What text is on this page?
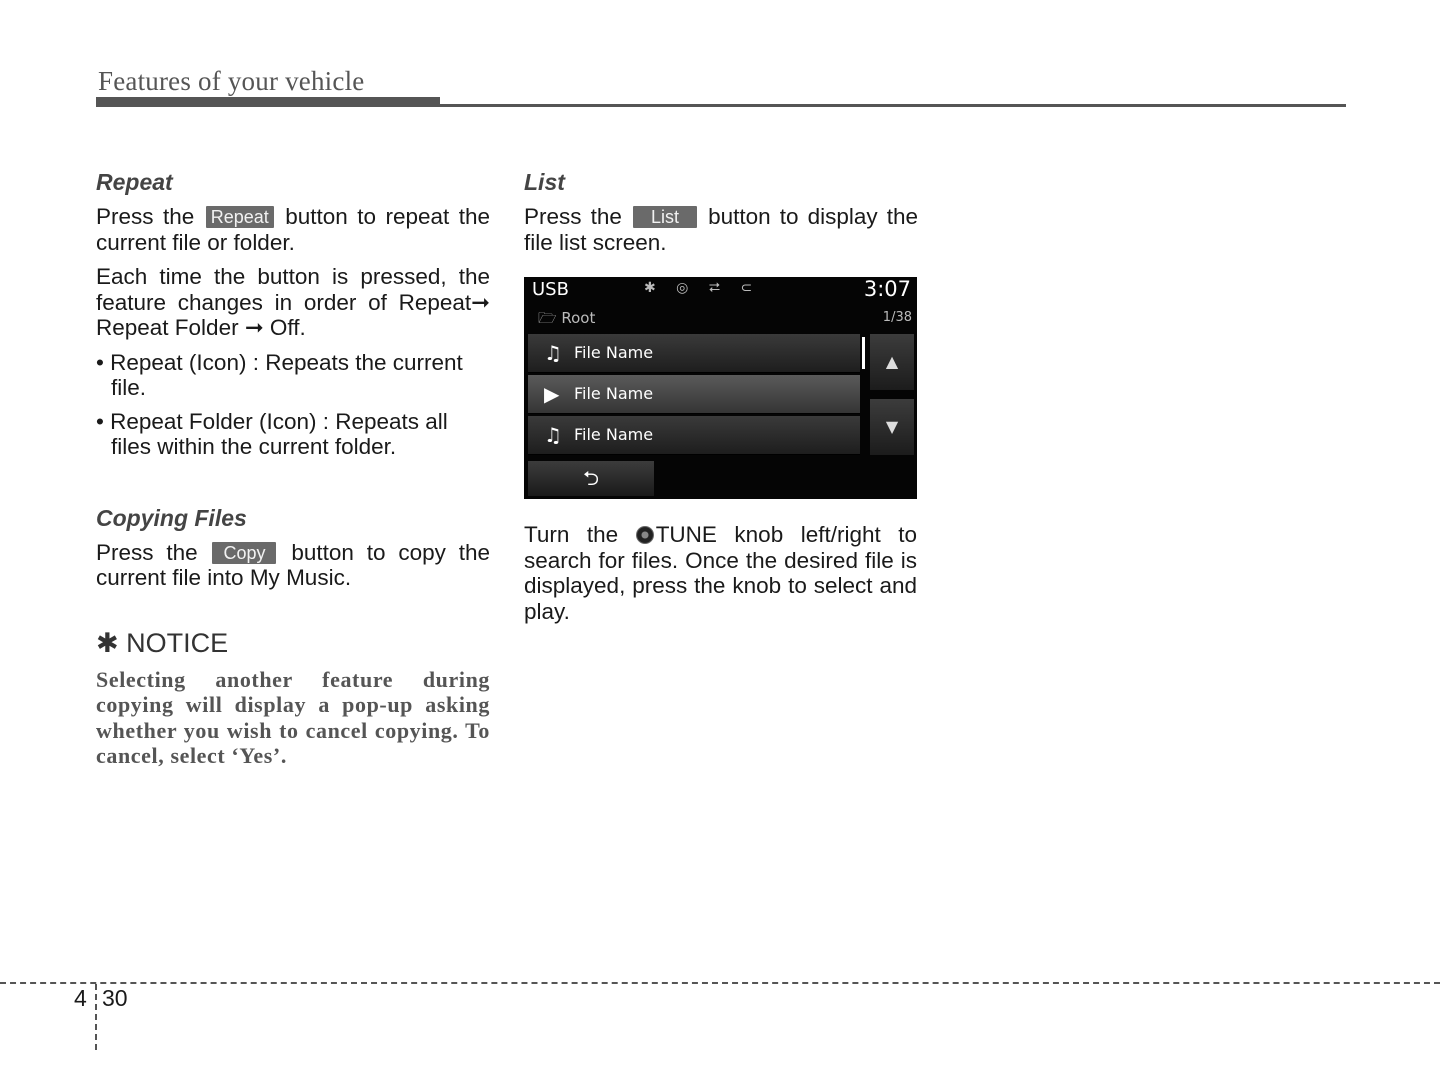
Features of your vehicle
Repeat

Press the Repeat button to repeat the current file or folder.

Each time the button is pressed, the feature changes in order of Repeat➞ Repeat Folder ➞ Off.

• Repeat (Icon) : Repeats the current file.

• Repeat Folder (Icon) : Repeats all files within the current folder.

Copying Files

Press the Copy button to copy the current file into My Music.

✱ NOTICE

Selecting another feature during copying will display a pop-up asking whether you wish to cancel copying. To cancel, select ‘Yes’.

List

Press the List button to display the file list screen.

USB	✱ ◎ ⮂ ⊂	3:07
🗁 Root	1/38
♫ File Name
▶ File Name
♫ File Name
▲
▼
⮌

Turn the TUNE knob left/right to search for files. Once the desired file is displayed, press the knob to select and play.

4 30
